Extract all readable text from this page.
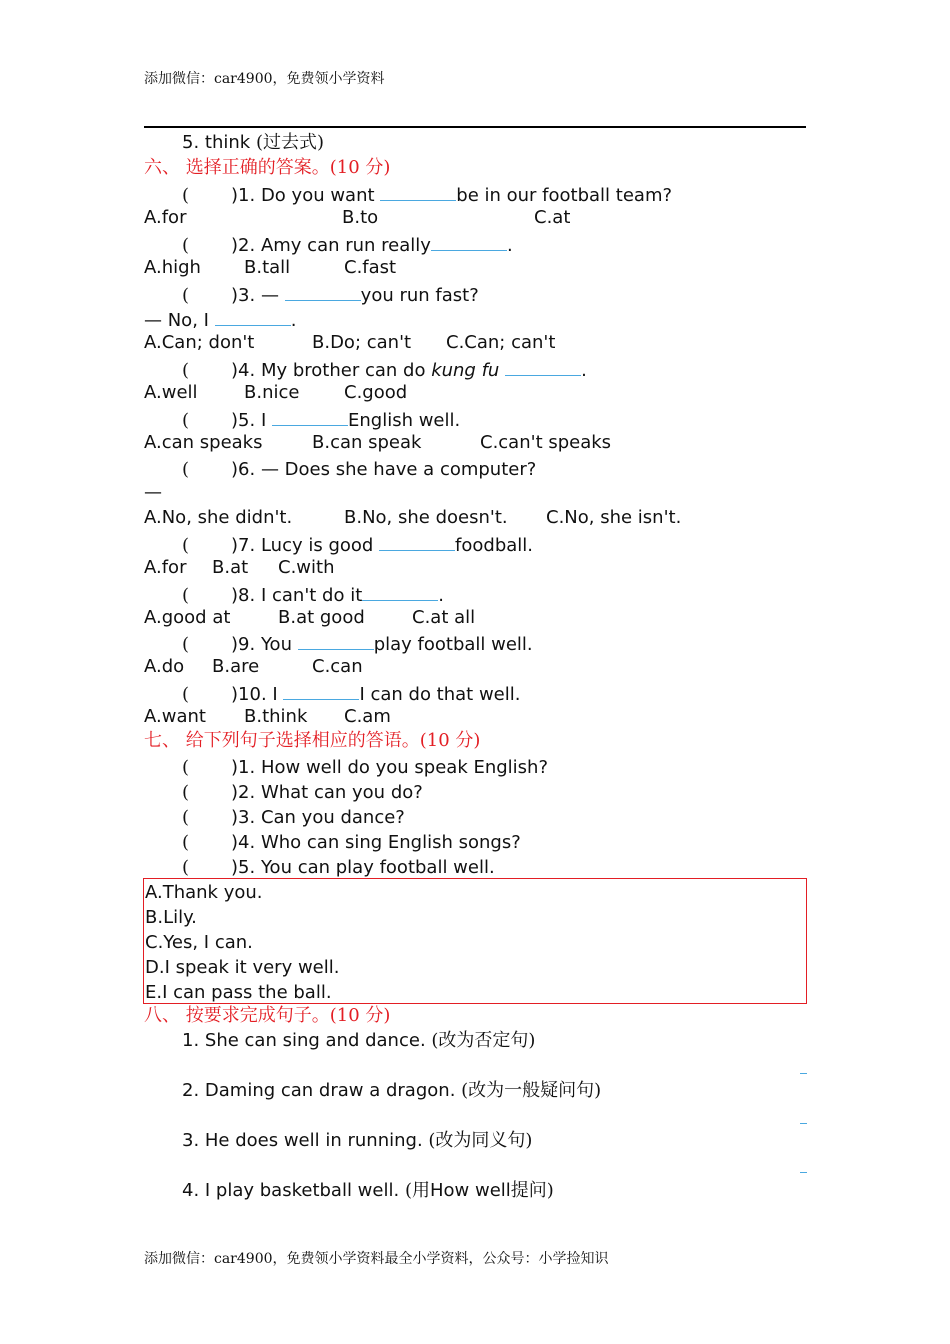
添加微信：car4900，免费领小学资料
5. think (过去式)
六、 选择正确的答案。(10 分)
( )1. Do you want	be in our football team?
A.for	B.to	C.at
( )2. Amy can run really	.
A.high B.tall	C.fast
( )3. —	you run fast?
— No, I	.
A.Can; don't	B.Do; can't C.Can; can't
( )4. My brother can do kung fu	.
A.well	B.nice C.good
( )5. I	English well.
A.can speaks	B.can speak	C.can't speaks
( )6. — Does she have a computer?
—
A.No, she didn't.	B.No, she doesn't. C.No, she isn't.
( )7. Lucy is good	foodball.
A.for B.at C.with
( )8. I can't do it	.
A.good at	B.at good	C.at all
( )9. You	play football well.
A.do B.are	C.can
( )10. I	I can do that well.
A.want B.think C.am
七、 给下列句子选择相应的答语。(10 分)
( )1. How well do you speak English?
( )2. What can you do?
( )3. Can you dance?
( )4. Who can sing English songs?
( )5. You can play football well.
A.Thank you.
B.Lily.
C.Yes, I can.
D.I speak it very well.
E.I can pass the ball.
八、 按要求完成句子。(10 分)
1. She can sing and dance. (改为否定句)
2. Daming can draw a dragon. (改为一般疑问句)
3. He does well in running. (改为同义句)
4. I play basketball well. (用How well提问)
添加微信：car4900，免费领小学资料最全小学资料，公众号：小学捡知识
